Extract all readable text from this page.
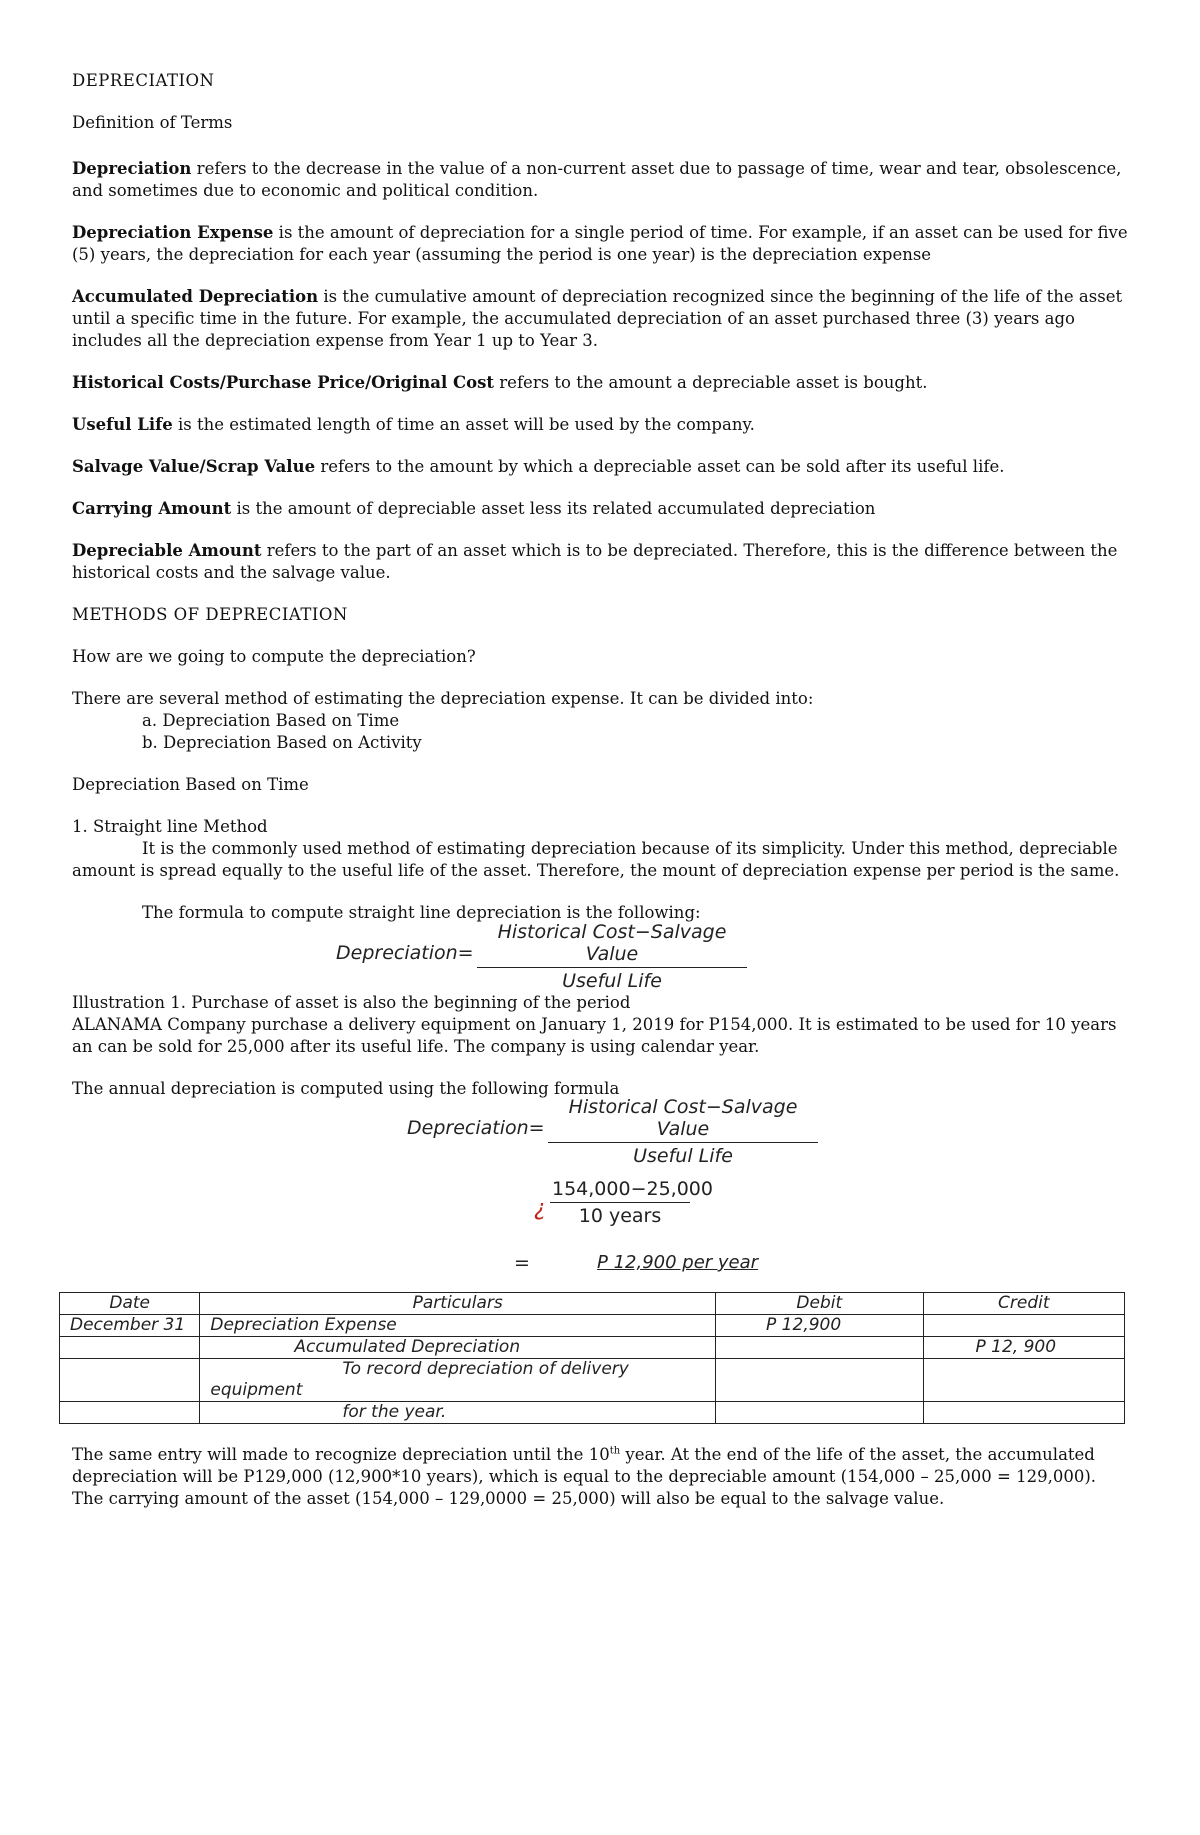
DEPRECIATION

Definition of Terms

Depreciation refers to the decrease in the value of a non-current asset due to passage of time, wear and tear, obsolescence, and sometimes due to economic and political condition.

Depreciation Expense is the amount of depreciation for a single period of time. For example, if an asset can be used for five (5) years, the depreciation for each year (assuming the period is one year) is the depreciation expense

Accumulated Depreciation is the cumulative amount of depreciation recognized since the beginning of the life of the asset until a specific time in the future. For example, the accumulated depreciation of an asset purchased three (3) years ago includes all the depreciation expense from Year 1 up to Year 3.

Historical Costs/Purchase Price/Original Cost refers to the amount a depreciable asset is bought.

Useful Life is the estimated length of time an asset will be used by the company.

Salvage Value/Scrap Value refers to the amount by which a depreciable asset can be sold after its useful life.

Carrying Amount is the amount of depreciable asset less its related accumulated depreciation

Depreciable Amount refers to the part of an asset which is to be depreciated. Therefore, this is the difference between the historical costs and the salvage value.

METHODS OF DEPRECIATION

How are we going to compute the depreciation?

There are several method of estimating the depreciation expense. It can be divided into:

a. Depreciation Based on Time

b. Depreciation Based on Activity

Depreciation Based on Time

1. Straight line Method

It is the commonly used method of estimating depreciation because of its simplicity. Under this method, depreciable amount is spread equally to the useful life of the asset. Therefore, the mount of depreciation expense per period is the same.

The formula to compute straight line depreciation is the following:

Depreciation=
Historical Cost−Salvage Value
Useful Life

Illustration 1. Purchase of asset is also the beginning of the period

ALANAMA Company purchase a delivery equipment on January 1, 2019 for P154,000. It is estimated to be used for 10 years an can be sold for 25,000 after its useful life. The company is using calendar year.

The annual depreciation is computed using the following formula

Depreciation=
Historical Cost−Salvage Value
Useful Life
¿
154,000−25,000
10 years
=	P 12,900 per year
Date	Particulars	Debit	Credit
December 31	Depreciation Expense	P 12,900	
	Accumulated Depreciation		P 12, 900

	To record depreciation of delivery
equipment		

	for the year.		

The same entry will made to recognize depreciation until the 10th year. At the end of the life of the asset, the accumulated depreciation will be P129,000 (12,900*10 years), which is equal to the depreciable amount (154,000 – 25,000 = 129,000). The carrying amount of the asset (154,000 – 129,0000 = 25,000) will also be equal to the salvage value.
